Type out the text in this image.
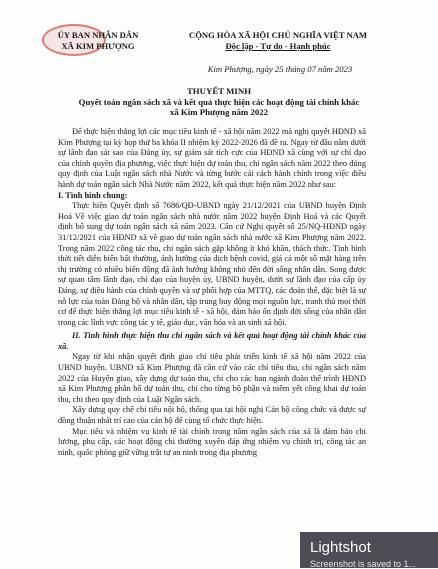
ỦY BAN NHÂN DÂN
XÃ KIM PHƯỢNG
CỘNG HÒA XÃ HỘI CHỦ NGHĨA VIỆT NAM
Độc lập - Tự do - Hạnh phúc
Kim Phượng, ngày 25 tháng 07 năm 2023
THUYẾT MINH
Quyết toán ngân sách xã và kết quả thực hiện các hoạt động tài chính khác
xã Kim Phượng năm 2022

Để thực hiện thắng lợi các mục tiêu kinh tế - xã hội năm 2022 mà nghị quyết HĐND xã Kim Phượng tại kỳ họp thứ ba khóa II nhiệm kỳ 2022-2026 đã đề ra. Ngay từ đầu năm dưới sự lãnh đạo sát sao của Đảng ủy, sự giám sát tích cực của HĐND xã cùng với sự chỉ đạo của chính quyền địa phương, việc thực hiện dự toán thu, chi ngân sách năm 2022 theo đúng quy định của Luật ngân sách nhà Nước và từng bước cải cách hành chính trong việc điều hành dự toán ngân sách Nhà Nước năm 2022, kết quả thực hiện năm 2022 như sau:

I. Tình hình chung:

Thực hiện Quyết định số 7686/QĐ-UBND ngày 21/12/2021 của UBND huyện Định Hoá Về việc giao dự toán ngân sách nhà nước năm 2022 huyện Định Hoá và các Quyết định bổ sung dự toán ngân sách xã năm 2023. Căn cứ Nghị quyết số 25/NQ-HĐND ngày 31/12/2021 của HĐND xã về giao dự toán ngân sách nhà nước xã Kim Phượng năm 2022. Trong năm 2022 công tác thu, chi ngân sách gặp không ít khó khăn, thách thức. Tình hình thời tiết diễn biến bất thường, ảnh hưởng của dịch bệnh covid, giá cả một số mặt hàng trên thị trường có nhiều biến động đã ảnh hưởng không nhỏ đến đời sống nhân dân. Song được sự quan tâm lãnh đạo, chỉ đạo của huyện ủy, UBND huyện, dưới sự lãnh đạo của cấp ủy Đảng, sự điều hành của chính quyền và sự phối hợp của MTTQ, các đoàn thể, đặc biệt là sự nỗ lực của toàn Đảng bộ và nhân dân, tập trung huy động mọi nguồn lực, tranh thủ mọi thời cơ để thực hiện thắng lợi mục tiêu kinh tế - xã hội, đảm bảo ổn định đời sống của nhân dân trong các lĩnh vực công tác y tế, giáo dục, văn hóa và an sinh xã hội.

II. Tình hình thực hiện thu chi ngân sách và kết quả hoạt động tài chính khác của xã.

Ngay từ khi nhận quyết định giao chỉ tiêu phát triển kinh tế xã hội năm 2022 của UBND huyện. UBND xã Kim Phượng đã căn cứ vào các chỉ tiêu thu, chi ngân sách năm 2022 của Huyện giao, xây dựng dự toán thu, chi cho các ban ngành đoàn thể trình HĐND xã Kim Phượng phân bổ dự toán thu, chi cho từng bộ phận và niêm yết công khai dự toán thu, chi theo quy định của Luật Ngân sách.

Xây dựng quy chế chi tiêu nội bộ, thống qua tại hội nghị Cán bộ công chức và được sự đồng thuận nhất trí cao của cán bộ để cùng tổ chức thực hiện.

Mục tiêu và nhiệm vụ kinh tế tài chính trong năm ngân sách của xã là đảm bảo chi lương, phụ cấp, các hoạt động chi thường xuyên đáp ứng nhiệm vụ chính trị, công tác an ninh, quốc phòng giữ vững trật tự an ninh trong địa phương

Lightshot
Screenshot is saved to 1...
